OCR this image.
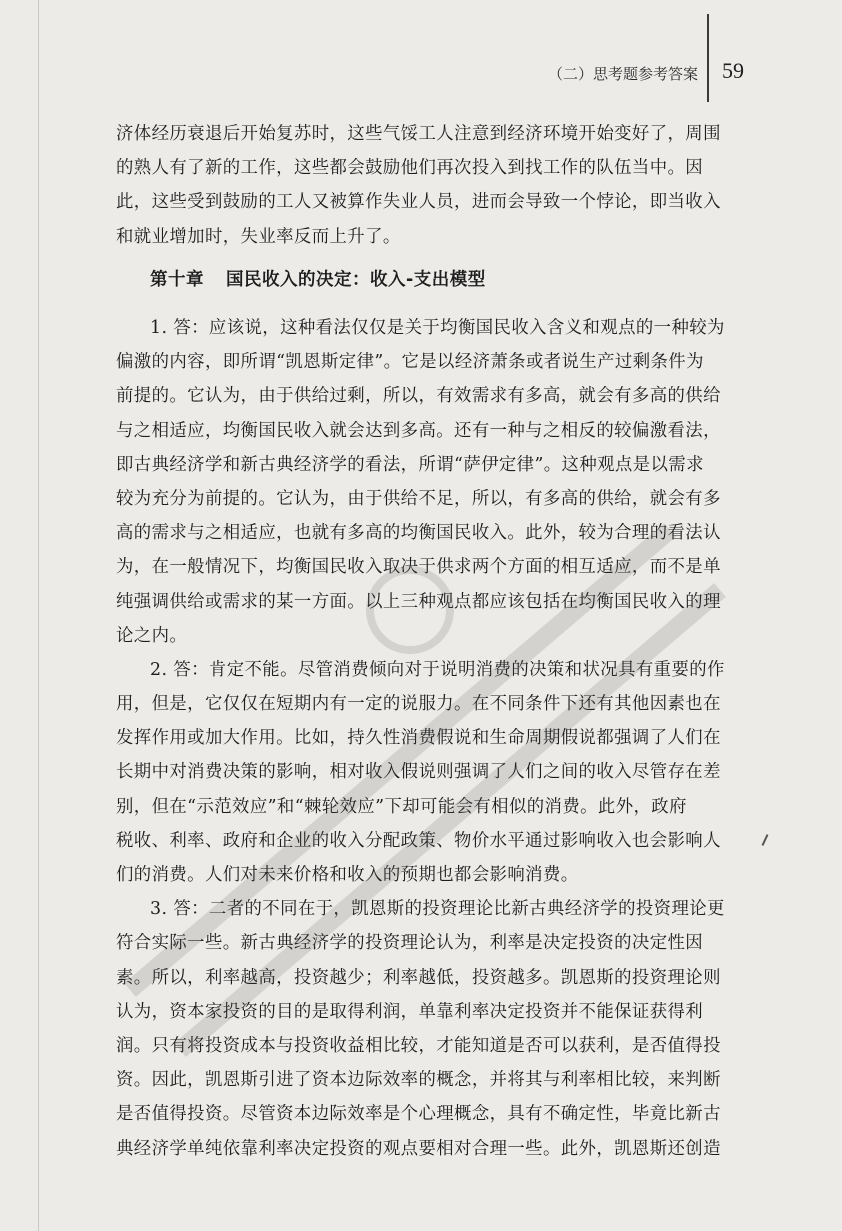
（二）思考题参考答案 59
济体经历衰退后开始复苏时，这些气馁工人注意到经济环境开始变好了，周围
的熟人有了新的工作，这些都会鼓励他们再次投入到找工作的队伍当中。因
此，这些受到鼓励的工人又被算作失业人员，进而会导致一个悖论，即当收入
和就业增加时，失业率反而上升了。
第十章 国民收入的决定：收入-支出模型
1. 答：应该说，这种看法仅仅是关于均衡国民收入含义和观点的一种较为
偏激的内容，即所谓“凯恩斯定律”。它是以经济萧条或者说生产过剩条件为
前提的。它认为，由于供给过剩，所以，有效需求有多高，就会有多高的供给
与之相适应，均衡国民收入就会达到多高。还有一种与之相反的较偏激看法，
即古典经济学和新古典经济学的看法，所谓“萨伊定律”。这种观点是以需求
较为充分为前提的。它认为，由于供给不足，所以，有多高的供给，就会有多
高的需求与之相适应，也就有多高的均衡国民收入。此外，较为合理的看法认
为，在一般情况下，均衡国民收入取决于供求两个方面的相互适应，而不是单
纯强调供给或需求的某一方面。以上三种观点都应该包括在均衡国民收入的理
论之内。
2. 答：肯定不能。尽管消费倾向对于说明消费的决策和状况具有重要的作
用，但是，它仅仅在短期内有一定的说服力。在不同条件下还有其他因素也在
发挥作用或加大作用。比如，持久性消费假说和生命周期假说都强调了人们在
长期中对消费决策的影响，相对收入假说则强调了人们之间的收入尽管存在差
别，但在“示范效应”和“棘轮效应”下却可能会有相似的消费。此外，政府
税收、利率、政府和企业的收入分配政策、物价水平通过影响收入也会影响人
们的消费。人们对未来价格和收入的预期也都会影响消费。
3. 答：二者的不同在于，凯恩斯的投资理论比新古典经济学的投资理论更
符合实际一些。新古典经济学的投资理论认为，利率是决定投资的决定性因
素。所以，利率越高，投资越少；利率越低，投资越多。凯恩斯的投资理论则
认为，资本家投资的目的是取得利润，单靠利率决定投资并不能保证获得利
润。只有将投资成本与投资收益相比较，才能知道是否可以获利，是否值得投
资。因此，凯恩斯引进了资本边际效率的概念，并将其与利率相比较，来判断
是否值得投资。尽管资本边际效率是个心理概念，具有不确定性，毕竟比新古
典经济学单纯依靠利率决定投资的观点要相对合理一些。此外，凯恩斯还创造
